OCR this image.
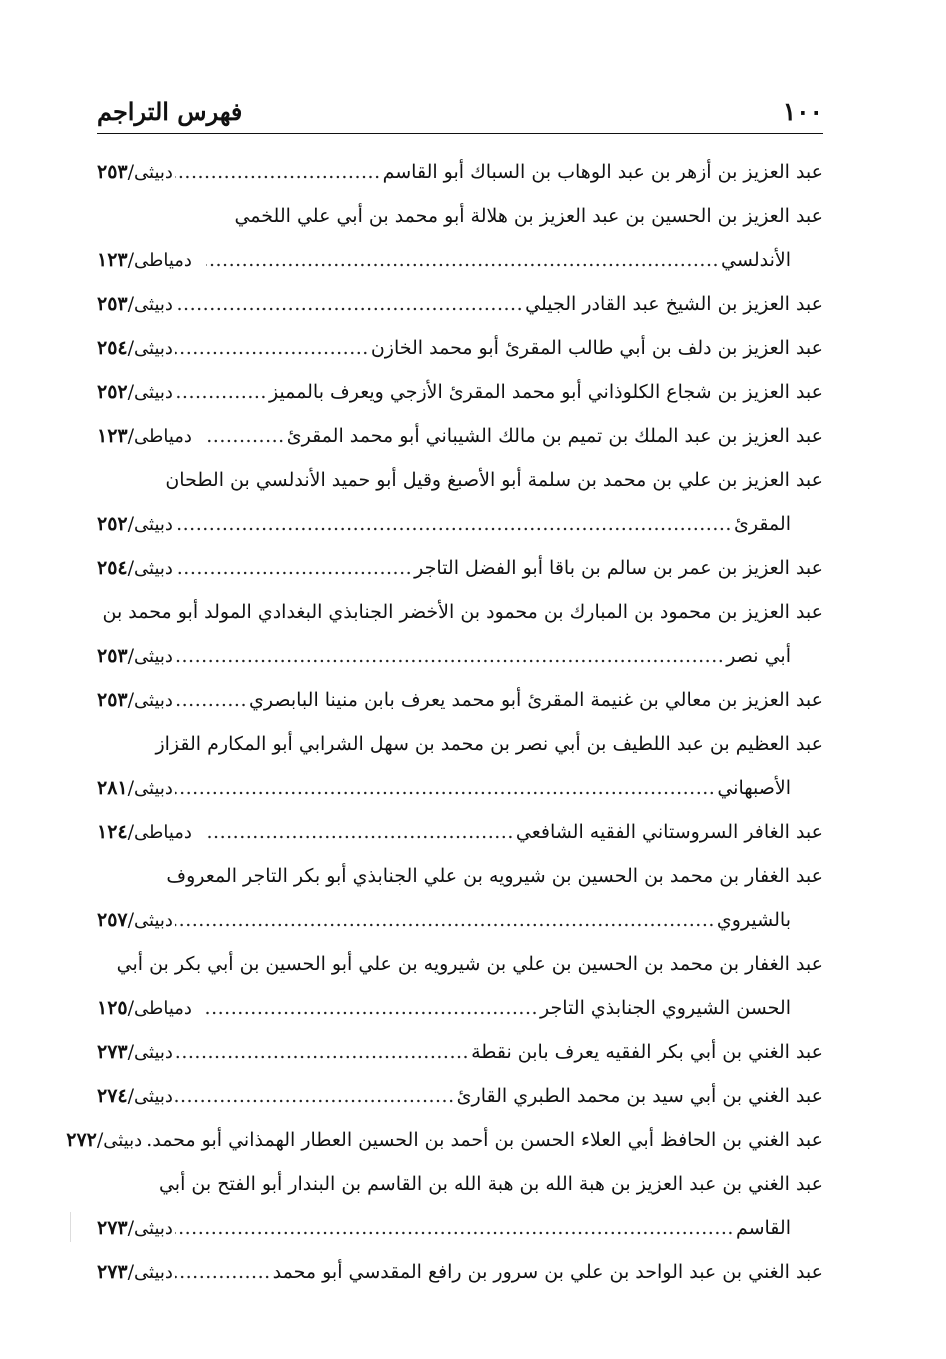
١٠٠
فهرس التراجم
عبد العزيز بن أزهر بن عبد الوهاب بن السباك أبو القاسم
.....
دبيثى/٢٥٣
عبد العزيز بن الحسين بن عبد العزيز بن هلالة أبو محمد بن أبي علي اللخمي
الأندلسي
.....
دمياطى/١٢٣
عبد العزيز بن الشيخ عبد القادر الجيلي
.....
دبيثى/٢٥٣
عبد العزيز بن دلف بن أبي طالب المقرئ أبو محمد الخازن
.....
دبيثى/٢٥٤
عبد العزيز بن شجاع الكلوذاني أبو محمد المقرئ الأزجي ويعرف بالمميز
.....
دبيثى/٢٥٢
عبد العزيز بن عبد الملك بن تميم بن مالك الشيباني أبو محمد المقرئ
.....
دمياطى/١٢٣
عبد العزيز بن علي بن محمد بن سلمة أبو الأصبغ وقيل أبو حميد الأندلسي بن الطحان
المقرئ
.....
دبيثى/٢٥٢
عبد العزيز بن عمر بن سالم بن باقا أبو الفضل التاجر
.....
دبيثى/٢٥٤
عبد العزيز بن محمود بن المبارك بن محمود بن الأخضر الجنابذي البغدادي المولد أبو محمد بن
أبي نصر
.....
دبيثى/٢٥٣
عبد العزيز بن معالي بن غنيمة المقرئ أبو محمد يعرف بابن منينا البابصري
.....
دبيثى/٢٥٣
عبد العظيم بن عبد اللطيف بن أبي نصر بن محمد بن سهل الشرابي أبو المكارم القزاز
الأصبهاني
.....
دبيثى/٢٨١
عبد الغافر السروستاني الفقيه الشافعي
.....
دمياطى/١٢٤
عبد الغفار بن محمد بن الحسين بن شيرويه بن علي الجنابذي أبو بكر التاجر المعروف
بالشيروي
.....
دبيثى/٢٥٧
عبد الغفار بن محمد بن الحسين بن علي بن شيرويه بن علي أبو الحسين بن أبي بكر بن أبي
الحسن الشيروي الجنابذي التاجر
.....
دمياطى/١٢٥
عبد الغني بن أبي بكر الفقيه يعرف بابن نقطة
.....
دبيثى/٢٧٣
عبد الغني بن أبي سيد بن محمد الطبري القارئ
.....
دبيثى/٢٧٤
عبد الغني بن الحافظ أبي العلاء الحسن بن أحمد بن الحسين العطار الهمذاني أبو محمد.
دبيثى/٢٧٢
عبد الغني بن عبد العزيز بن هبة الله بن هبة الله بن القاسم بن البندار أبو الفتح بن أبي
القاسم
.....
دبيثى/٢٧٣
عبد الغني بن عبد الواحد بن علي بن سرور بن رافع المقدسي أبو محمد
.....
دبيثى/٢٧٣
